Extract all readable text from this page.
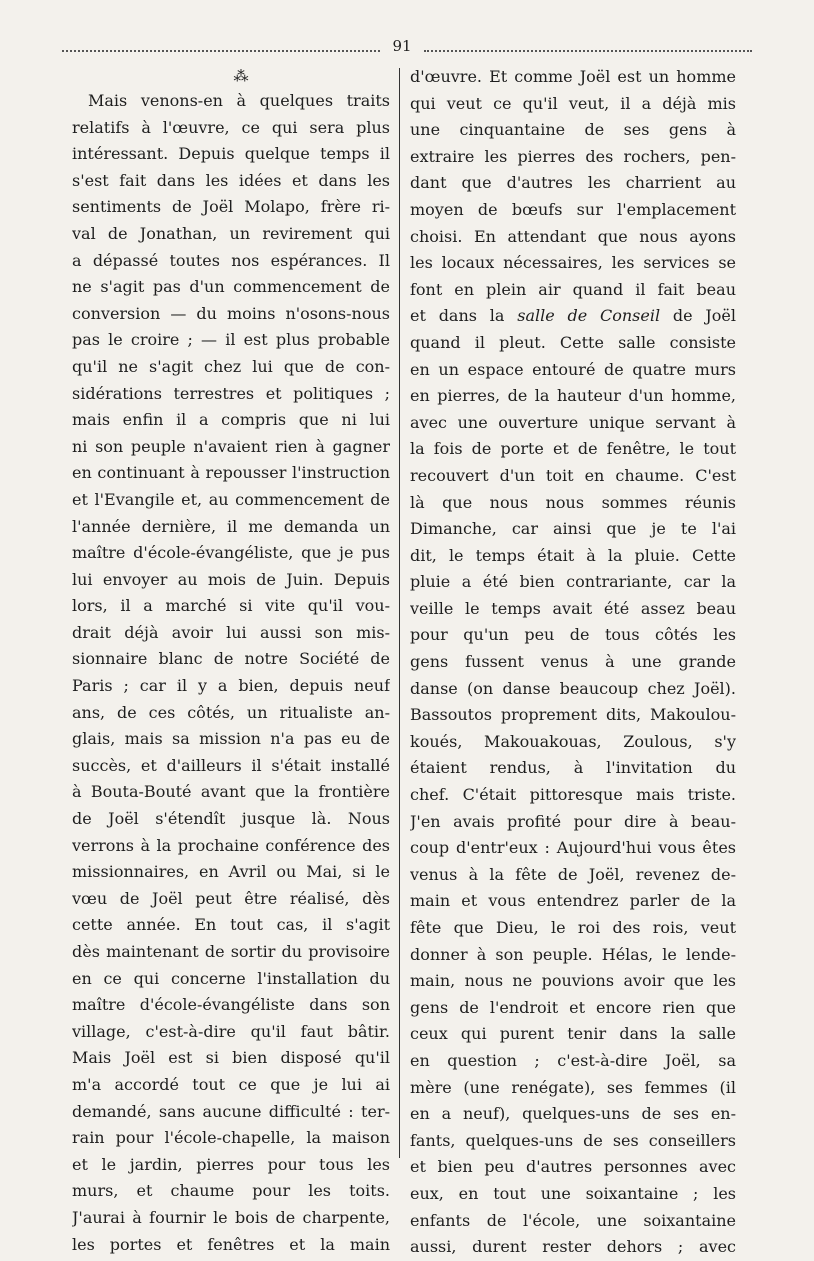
91
⁂
Mais venons-en à quelques traits
relatifs à l'œuvre, ce qui sera plus
intéressant. Depuis quelque temps il
s'est fait dans les idées et dans les
sentiments de Joël Molapo, frère ri-
val de Jonathan, un revirement qui
a dépassé toutes nos espérances. Il
ne s'agit pas d'un commencement de
conversion — du moins n'osons-nous
pas le croire ; — il est plus probable
qu'il ne s'agit chez lui que de con-
sidérations terrestres et politiques ;
mais enfin il a compris que ni lui
ni son peuple n'avaient rien à gagner
en continuant à repousser l'instruction
et l'Evangile et, au commencement de
l'année dernière, il me demanda un
maître d'école-évangéliste, que je pus
lui envoyer au mois de Juin. Depuis
lors, il a marché si vite qu'il vou-
drait déjà avoir lui aussi son mis-
sionnaire blanc de notre Société de
Paris ; car il y a bien, depuis neuf
ans, de ces côtés, un ritualiste an-
glais, mais sa mission n'a pas eu de
succès, et d'ailleurs il s'était installé
à Bouta-Bouté avant que la frontière
de Joël s'étendît jusque là. Nous
verrons à la prochaine conférence des
missionnaires, en Avril ou Mai, si le
vœu de Joël peut être réalisé, dès
cette année. En tout cas, il s'agit
dès maintenant de sortir du provisoire
en ce qui concerne l'installation du
maître d'école-évangéliste dans son
village, c'est-à-dire qu'il faut bâtir.
Mais Joël est si bien disposé qu'il
m'a accordé tout ce que je lui ai
demandé, sans aucune difficulté : ter-
rain pour l'école-chapelle, la maison
et le jardin, pierres pour tous les
murs, et chaume pour les toits.
J'aurai à fournir le bois de charpente,
les portes et fenêtres et la main
d'œuvre. Et comme Joël est un homme
qui veut ce qu'il veut, il a déjà mis
une cinquantaine de ses gens à
extraire les pierres des rochers, pen-
dant que d'autres les charrient au
moyen de bœufs sur l'emplacement
choisi. En attendant que nous ayons
les locaux nécessaires, les services se
font en plein air quand il fait beau
et dans la salle de Conseil de Joël
quand il pleut. Cette salle consiste
en un espace entouré de quatre murs
en pierres, de la hauteur d'un homme,
avec une ouverture unique servant à
la fois de porte et de fenêtre, le tout
recouvert d'un toit en chaume. C'est
là que nous nous sommes réunis
Dimanche, car ainsi que je te l'ai
dit, le temps était à la pluie. Cette
pluie a été bien contrariante, car la
veille le temps avait été assez beau
pour qu'un peu de tous côtés les
gens fussent venus à une grande
danse (on danse beaucoup chez Joël).
Bassoutos proprement dits, Makoulou-
koués, Makouakouas, Zoulous, s'y
étaient rendus, à l'invitation du
chef. C'était pittoresque mais triste.
J'en avais profité pour dire à beau-
coup d'entr'eux : Aujourd'hui vous êtes
venus à la fête de Joël, revenez de-
main et vous entendrez parler de la
fête que Dieu, le roi des rois, veut
donner à son peuple. Hélas, le lende-
main, nous ne pouvions avoir que les
gens de l'endroit et encore rien que
ceux qui purent tenir dans la salle
en question ; c'est-à-dire Joël, sa
mère (une renégate), ses femmes (il
en a neuf), quelques-uns de ses en-
fants, quelques-uns de ses conseillers
et bien peu d'autres personnes avec
eux, en tout une soixantaine ; les
enfants de l'école, une soixantaine
aussi, durent rester dehors ; avec
